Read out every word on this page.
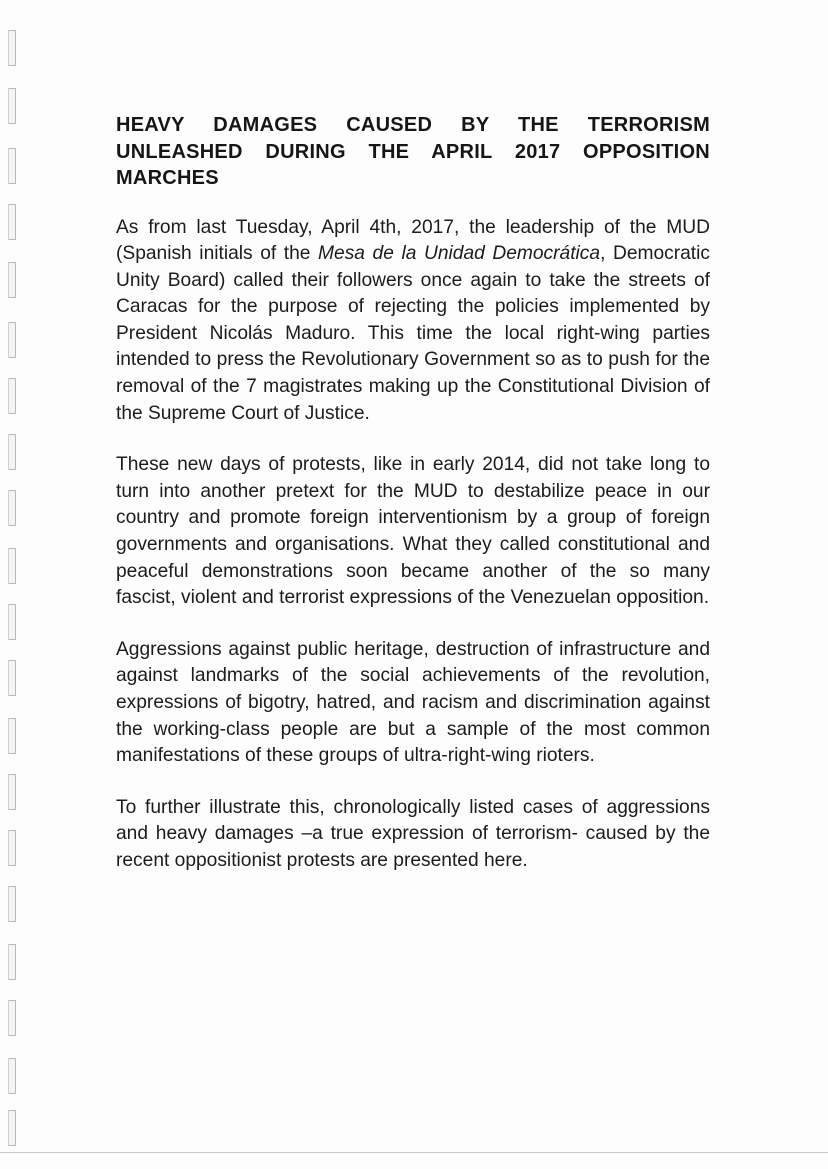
HEAVY DAMAGES CAUSED BY THE TERRORISM
UNLEASHED DURING THE APRIL 2017 OPPOSITION
MARCHES

As from last Tuesday, April 4th, 2017, the leadership of the MUD (Spanish initials of the Mesa de la Unidad Democrática, Democratic Unity Board) called their followers once again to take the streets of Caracas for the purpose of rejecting the policies implemented by President Nicolás Maduro. This time the local right-wing parties intended to press the Revolutionary Government so as to push for the removal of the 7 magistrates making up the Constitutional Division of the Supreme Court of Justice.

These new days of protests, like in early 2014, did not take long to turn into another pretext for the MUD to destabilize peace in our country and promote foreign interventionism by a group of foreign governments and organisations. What they called constitutional and peaceful demonstrations soon became another of the so many fascist, violent and terrorist expressions of the Venezuelan opposition.

Aggressions against public heritage, destruction of infrastructure and against landmarks of the social achievements of the revolution, expressions of bigotry, hatred, and racism and discrimination against the working-class people are but a sample of the most common manifestations of these groups of ultra-right-wing rioters.

To further illustrate this, chronologically listed cases of aggressions and heavy damages –a true expression of terrorism- caused by the recent oppositionist protests are presented here.
